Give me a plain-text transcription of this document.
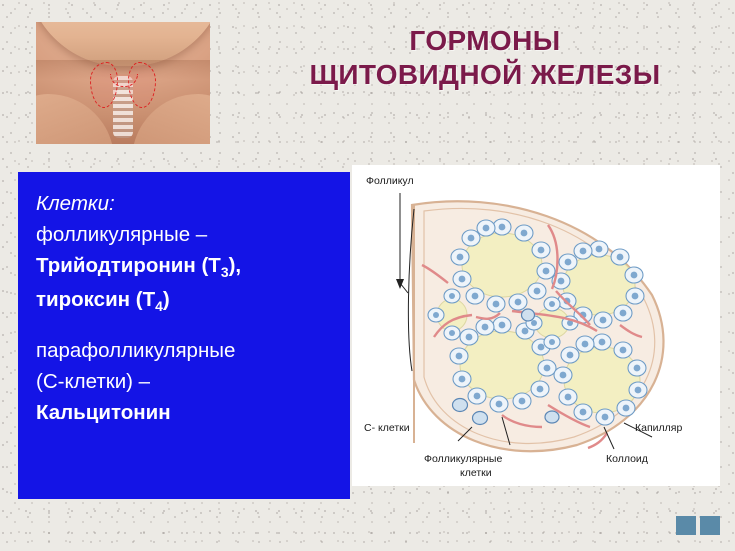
ГОРМОНЫ
ЩИТОВИДНОЙ ЖЕЛЕЗЫ
Клетки:
фолликулярные –
Трийодтиронин $(Т_3)$,
тироксин $(Т_4)$
парафолликулярные
(С-клетки) –
Кальцитонин
Фолликул
С- клетки	Капилляр
Фолликулярные
клетки
Коллоид
